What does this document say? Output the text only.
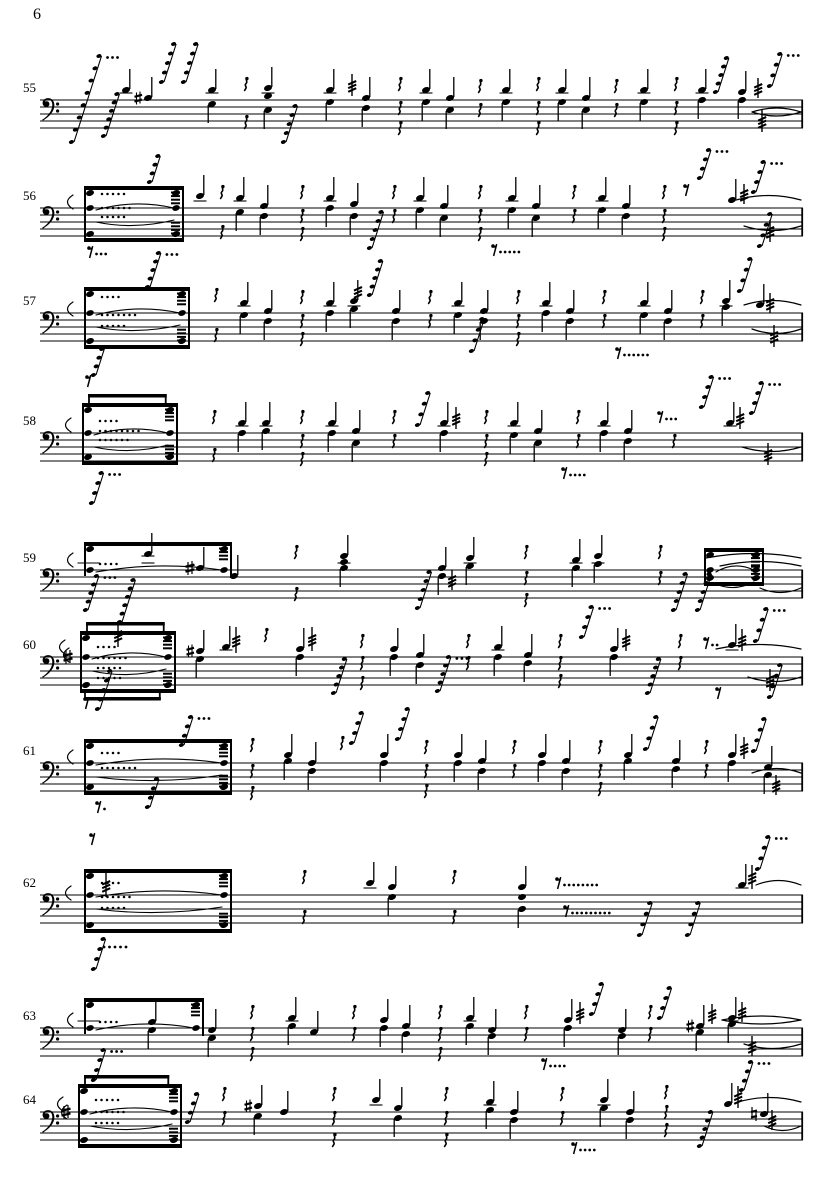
6
55
56
57
58
59
60
61
62
63
64
